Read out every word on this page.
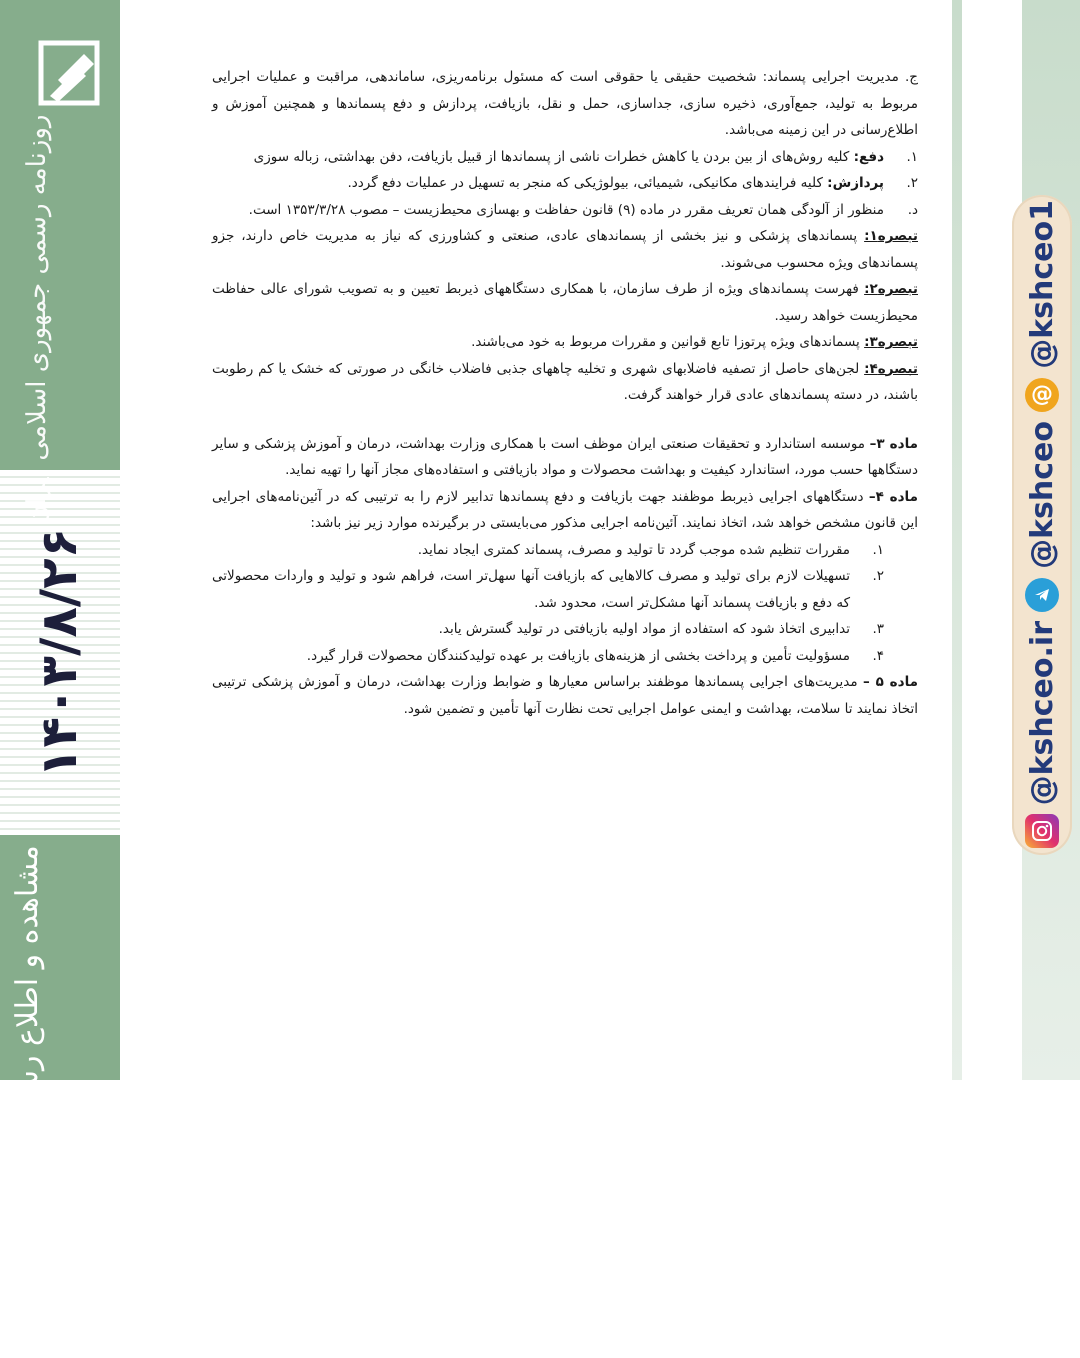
روزنامه رسمی جمهوری اسلامی ایران
۱۴۰۳/۸/۲۶
مشاهده و اطلاع رسانی قوانین و مقررات

ج. مدیریت اجرایی پسماند: شخصیت حقیقی یا حقوقی است که مسئول برنامه‌ریزی، ساماندهی، مراقبت و عملیات اجرایی مربوط به تولید، جمع‌آوری، ذخیره سازی، جداسازی، حمل و نقل، بازیافت، پردازش و دفع پسماندها و همچنین آموزش و اطلاع‌رسانی در این زمینه می‌باشد.

۱.
دفع: کلیه روش‌های از بین بردن یا کاهش خطرات ناشی از پسماندها از قبیل بازیافت، دفن بهداشتی، زباله سوزی
۲.
پردازش: کلیه فرایندهای مکانیکی، شیمیائی، بیولوژیکی که منجر به تسهیل در عملیات دفع گردد.
د.
منظور از آلودگی همان تعریف مقرر در ماده (۹) قانون حفاظت و بهسازی محیط‌زیست – مصوب ۱۳۵۳/۳/۲۸ است.

تبصره۱: پسماندهای پزشکی و نیز بخشی از پسماندهای عادی، صنعتی و کشاورزی که نیاز به مدیریت خاص دارند، جزو پسماندهای ویژه محسوب می‌شوند.

تبصره۲: فهرست پسماندهای ویژه از طرف سازمان، با همکاری دستگاههای ذیربط تعیین و به تصویب شورای عالی حفاظت محیط‌زیست خواهد رسید.

تبصره۳: پسماندهای ویژه پرتوزا تابع قوانین و مقررات مربوط به خود می‌باشند.

تبصره۴: لجن‌های حاصل از تصفیه فاضلابهای شهری و تخلیه چاههای جذبی فاضلاب خانگی در صورتی که خشک یا کم رطوبت باشند، در دسته پسماندهای عادی قرار خواهند گرفت.

ماده ۳– موسسه استاندارد و تحقیقات صنعتی ایران موظف است با همکاری وزارت بهداشت، درمان و آموزش پزشکی و سایر دستگاهها حسب مورد، استاندارد کیفیت و بهداشت محصولات و مواد بازیافتی و استفاده‌های مجاز آنها را تهیه نماید.

ماده ۴– دستگاههای اجرایی ذیربط موظفند جهت بازیافت و دفع پسماندها تدابیر لازم را به ترتیبی که در آئین‌نامه‌های اجرایی این قانون مشخص خواهد شد، اتخاذ نمایند. آئین‌نامه اجرایی مذکور می‌بایستی در برگیرنده موارد زیر نیز باشد:

۱.
مقررات تنظیم شده موجب گردد تا تولید و مصرف، پسماند کمتری ایجاد نماید.
۲.
تسهیلات لازم برای تولید و مصرف کالاهایی که بازیافت آنها سهل‌تر است، فراهم شود و تولید و واردات محصولاتی که دفع و بازیافت پسماند آنها مشکل‌تر است، محدود شد.
۳.
تدابیری اتخاذ شود که استفاده از مواد اولیه بازیافتی در تولید گسترش یابد.
۴.
مسؤولیت تأمین و پرداخت بخشی از هزینه‌های بازیافت بر عهده تولیدکنندگان محصولات قرار گیرد.

ماده ۵ – مدیریت‌های اجرایی پسماندها موظفند براساس معیارها و ضوابط وزارت بهداشت، درمان و آموزش پزشکی ترتیبی اتخاذ نمایند تا سلامت، بهداشت و ایمنی عوامل اجرایی تحت نظارت آنها تأمین و تضمین شود.

@kshceo1
@
@kshceo
@kshceo.ir
